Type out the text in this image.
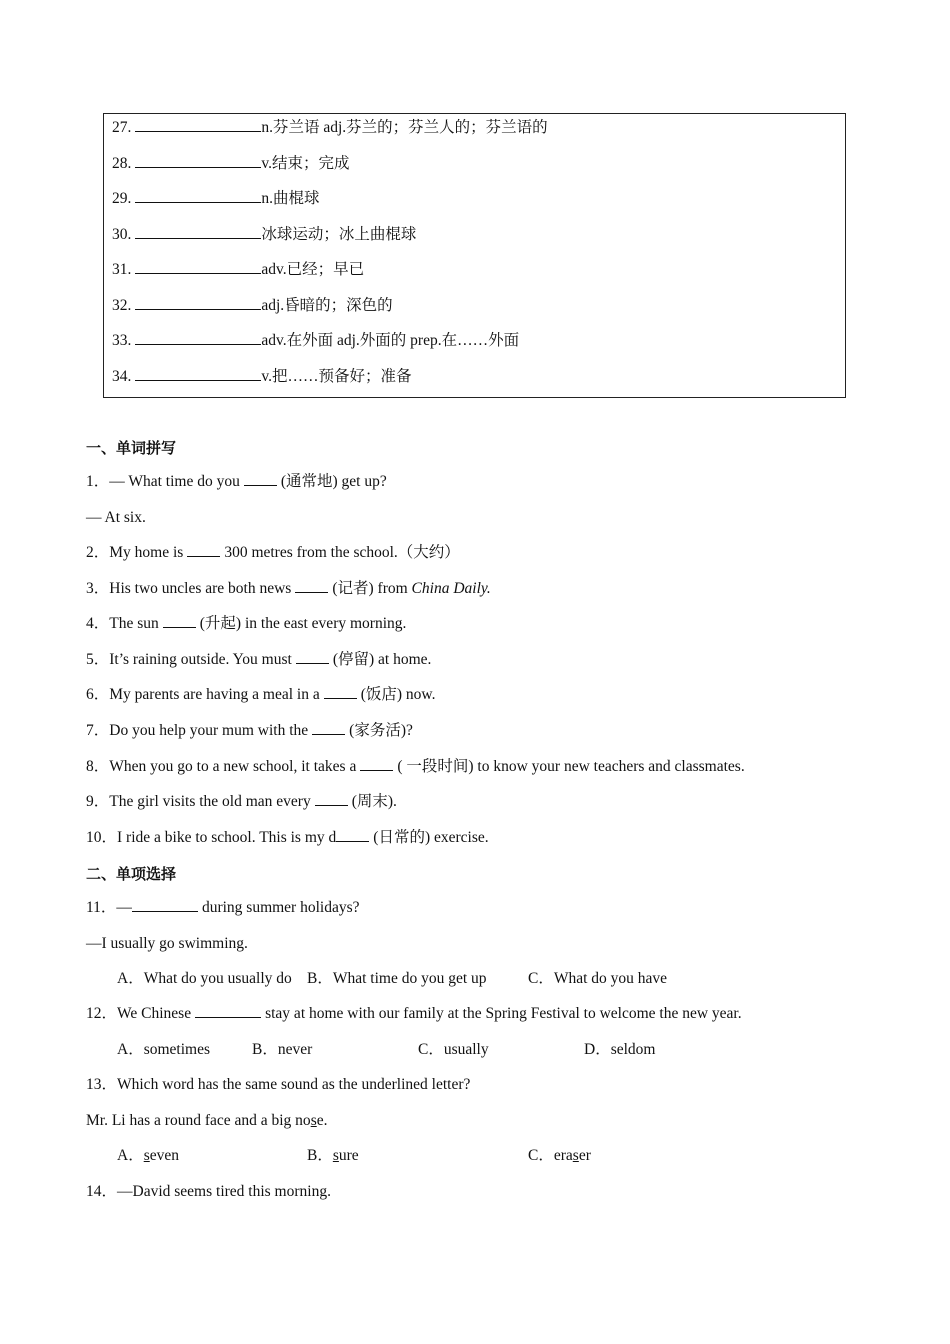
27.	n.芬兰语 adj.芬兰的；芬兰人的；芬兰语的
28.	v.结束；完成
29.	n.曲棍球
30.	冰球运动；冰上曲棍球
31.	adv.已经；早已
32.	adj.昏暗的；深色的
33.	adv.在外面 adj.外面的 prep.在……外面
34.	v.把……预备好；准备
一、单词拼写
1．— What time do you	(通常地) get up?
— At six.
2．My home is	300 metres from the school.（大约）
3．His two uncles are both news	(记者) from China Daily.
4．The sun	(升起) in the east every morning.
5．It’s raining outside. You must	(停留) at home.
6．My parents are having a meal in a	(饭店) now.
7．Do you help your mum with the	(家务活)?
8．When you go to a new school, it takes a	( 一段时间) to know your new teachers and classmates.
9．The girl visits the old man every	(周末).
10．I ride a bike to school. This is my d (日常的) exercise.
二、单项选择
11．—	during summer holidays?
—I usually go swimming.
A．What do you usually do B．What time do you get up	C．What do you have
12．We Chinese	stay at home with our family at the Spring Festival to welcome the new year.
A．sometimes	B．never	C．usually	D．seldom
13．Which word has the same sound as the underlined letter?
Mr. Li has a round face and a big nose.
A．seven	B．sure	C．eraser
14．—David seems tired this morning.
